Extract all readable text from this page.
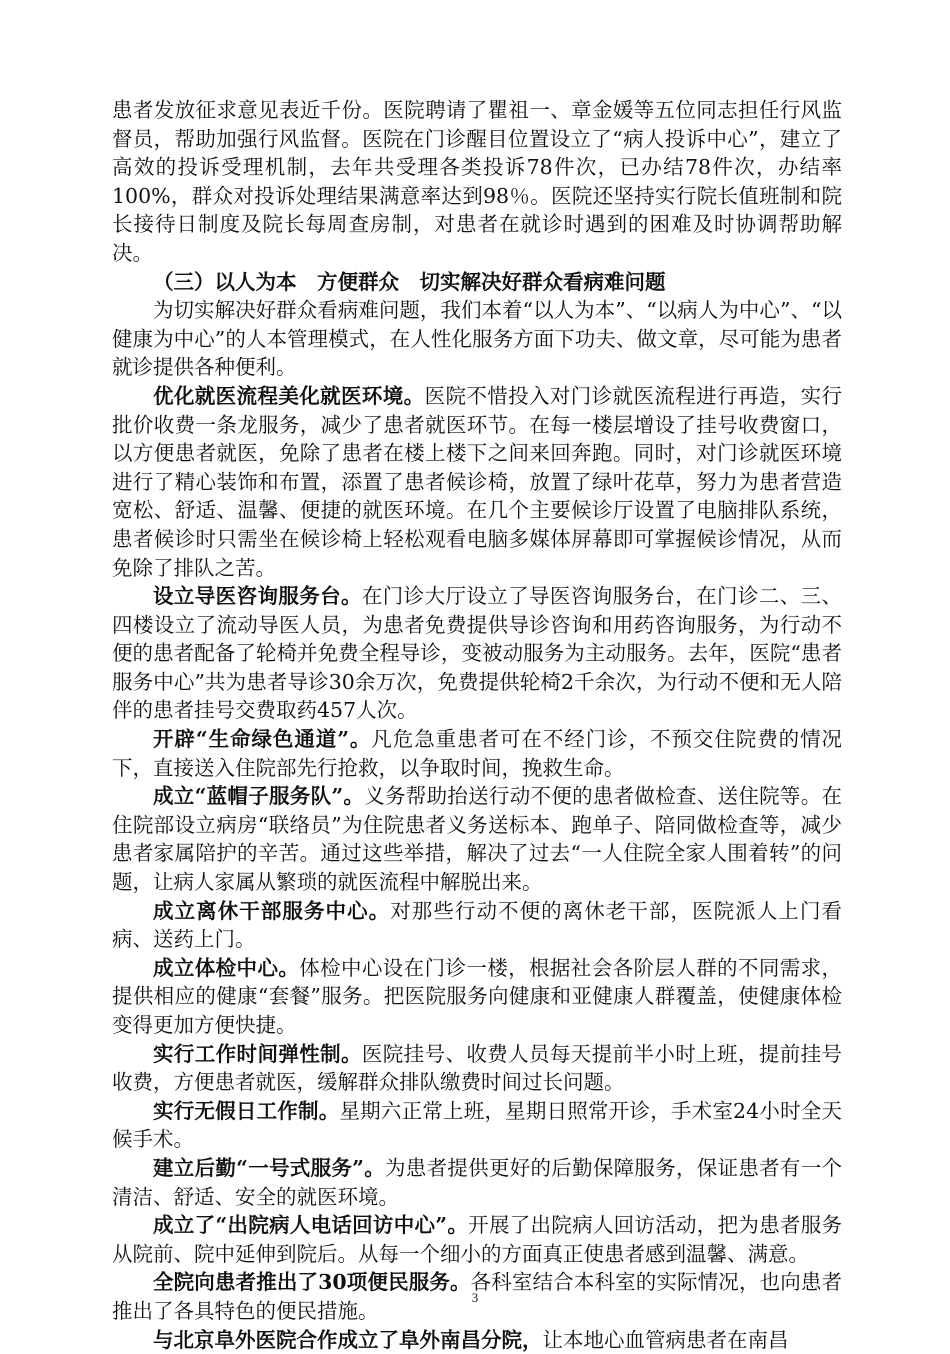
患者发放征求意见表近千份。医院聘请了瞿祖一、章金媛等五位同志担任行风监督员，帮助加强行风监督。医院在门诊醒目位置设立了“病人投诉中心”，建立了高效的投诉受理机制，去年共受理各类投诉78件次，已办结78件次，办结率100%，群众对投诉处理结果满意率达到98％。医院还坚持实行院长值班制和院长接待日制度及院长每周查房制，对患者在就诊时遇到的困难及时协调帮助解决。

（三）以人为本　方便群众　切实解决好群众看病难问题

为切实解决好群众看病难问题，我们本着“以人为本”、“以病人为中心”、“以健康为中心”的人本管理模式，在人性化服务方面下功夫、做文章，尽可能为患者就诊提供各种便利。

优化就医流程美化就医环境。医院不惜投入对门诊就医流程进行再造，实行批价收费一条龙服务，减少了患者就医环节。在每一楼层增设了挂号收费窗口，以方便患者就医，免除了患者在楼上楼下之间来回奔跑。同时，对门诊就医环境进行了精心装饰和布置，添置了患者候诊椅，放置了绿叶花草，努力为患者营造宽松、舒适、温馨、便捷的就医环境。在几个主要候诊厅设置了电脑排队系统，患者候诊时只需坐在候诊椅上轻松观看电脑多媒体屏幕即可掌握候诊情况，从而免除了排队之苦。

设立导医咨询服务台。在门诊大厅设立了导医咨询服务台，在门诊二、三、四楼设立了流动导医人员，为患者免费提供导诊咨询和用药咨询服务，为行动不便的患者配备了轮椅并免费全程导诊，变被动服务为主动服务。去年，医院“患者服务中心”共为患者导诊30余万次，免费提供轮椅2千余次，为行动不便和无人陪伴的患者挂号交费取药457人次。

开辟“生命绿色通道”。凡危急重患者可在不经门诊，不预交住院费的情况下，直接送入住院部先行抢救，以争取时间，挽救生命。

成立“蓝帽子服务队”。义务帮助抬送行动不便的患者做检查、送住院等。在住院部设立病房“联络员”为住院患者义务送标本、跑单子、陪同做检查等，减少患者家属陪护的辛苦。通过这些举措，解决了过去“一人住院全家人围着转”的问题，让病人家属从繁琐的就医流程中解脱出来。

成立离休干部服务中心。对那些行动不便的离休老干部，医院派人上门看病、送药上门。

成立体检中心。体检中心设在门诊一楼，根据社会各阶层人群的不同需求，提供相应的健康“套餐”服务。把医院服务向健康和亚健康人群覆盖，使健康体检变得更加方便快捷。

实行工作时间弹性制。医院挂号、收费人员每天提前半小时上班，提前挂号收费，方便患者就医，缓解群众排队缴费时间过长问题。

实行无假日工作制。星期六正常上班，星期日照常开诊，手术室24小时全天候手术。

建立后勤“一号式服务”。为患者提供更好的后勤保障服务，保证患者有一个清洁、舒适、安全的就医环境。

成立了“出院病人电话回访中心”。开展了出院病人回访活动，把为患者服务从院前、院中延伸到院后。从每一个细小的方面真正使患者感到温馨、满意。

全院向患者推出了30项便民服务。各科室结合本科室的实际情况，也向患者推出了各具特色的便民措施。

与北京阜外医院合作成立了阜外南昌分院，让本地心血管病患者在南昌

3
